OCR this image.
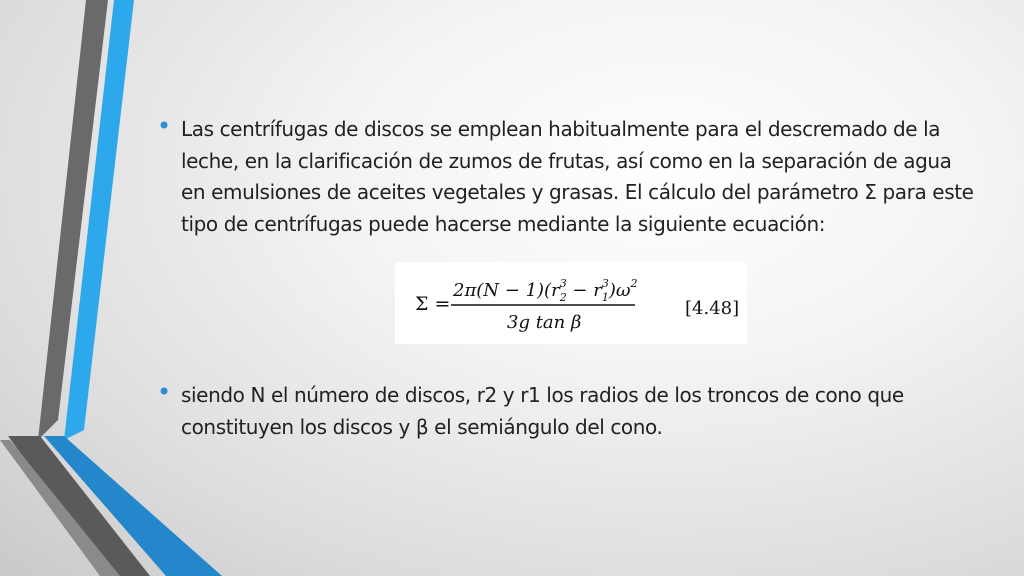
• Las centrífugas de discos se emplean habitualmente para el descremado de la leche, en la clarificación de zumos de frutas, así como en la separación de agua en emulsiones de aceites vegetales y grasas. El cálculo del parámetro Σ para este tipo de centrífugas puede hacerse mediante la siguiente ecuación:
Σ =
$2\pi(N - 1)(r_23 - r_13)\omega^2$
3g tan β
[4.48]
• siendo N el número de discos, r2 y r1 los radios de los troncos de cono que constituyen los discos y β el semiángulo del cono.
